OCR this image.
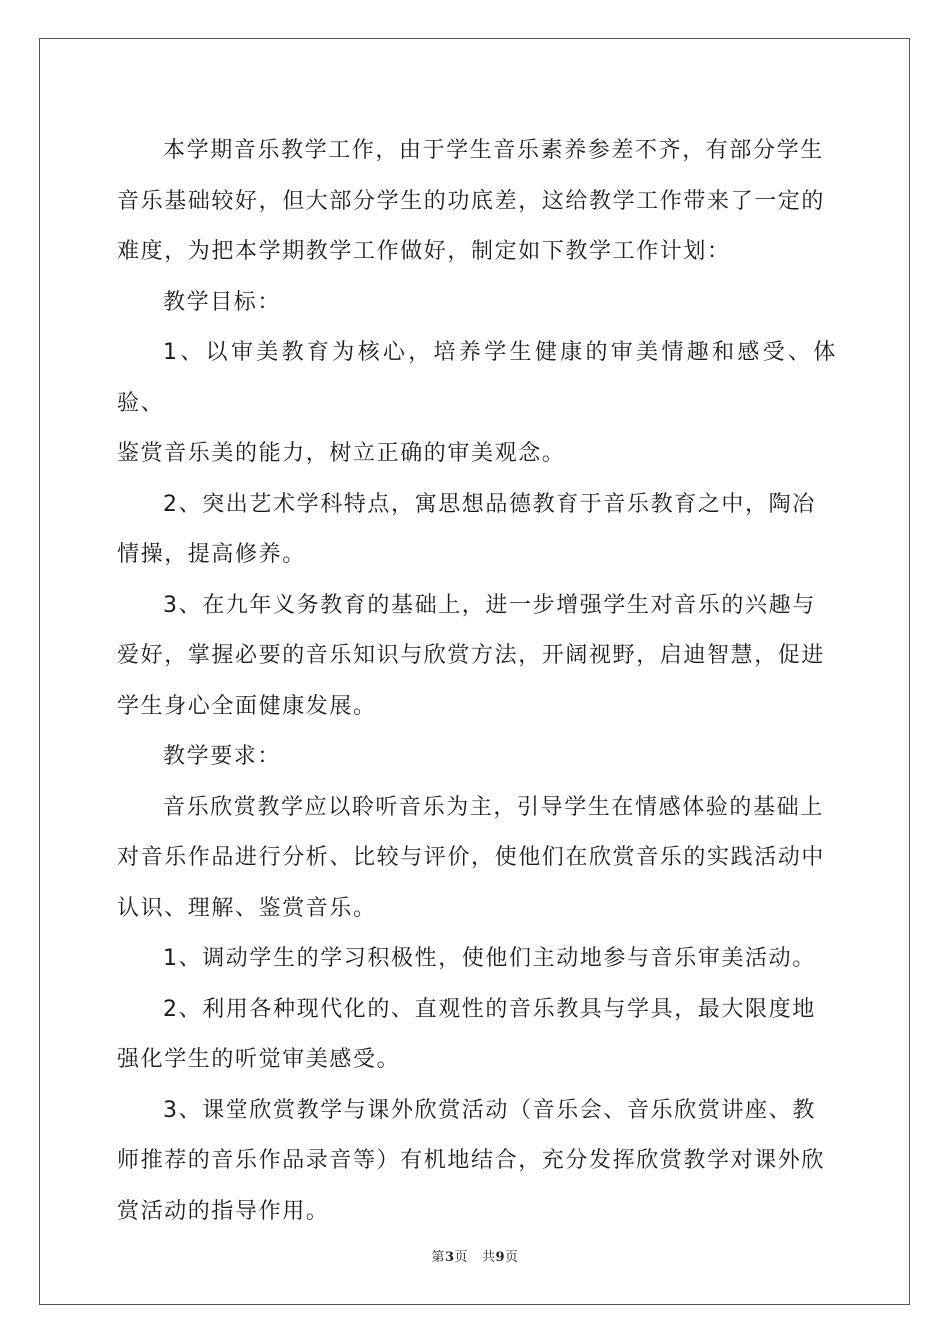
本学期音乐教学工作，由于学生音乐素养参差不齐，有部分学生
音乐基础较好，但大部分学生的功底差，这给教学工作带来了一定的
难度，为把本学期教学工作做好，制定如下教学工作计划：

教学目标：

1、以审美教育为核心，培养学生健康的审美情趣和感受、体验、
鉴赏音乐美的能力，树立正确的审美观念。

2、突出艺术学科特点，寓思想品德教育于音乐教育之中，陶冶
情操，提高修养。

3、在九年义务教育的基础上，进一步增强学生对音乐的兴趣与
爱好，掌握必要的音乐知识与欣赏方法，开阔视野，启迪智慧，促进
学生身心全面健康发展。

教学要求：

音乐欣赏教学应以聆听音乐为主，引导学生在情感体验的基础上
对音乐作品进行分析、比较与评价，使他们在欣赏音乐的实践活动中
认识、理解、鉴赏音乐。

1、调动学生的学习积极性，使他们主动地参与音乐审美活动。

2、利用各种现代化的、直观性的音乐教具与学具，最大限度地
强化学生的听觉审美感受。

3、课堂欣赏教学与课外欣赏活动（音乐会、音乐欣赏讲座、教
师推荐的音乐作品录音等）有机地结合，充分发挥欣赏教学对课外欣
赏活动的指导作用。

第3页 共9页
